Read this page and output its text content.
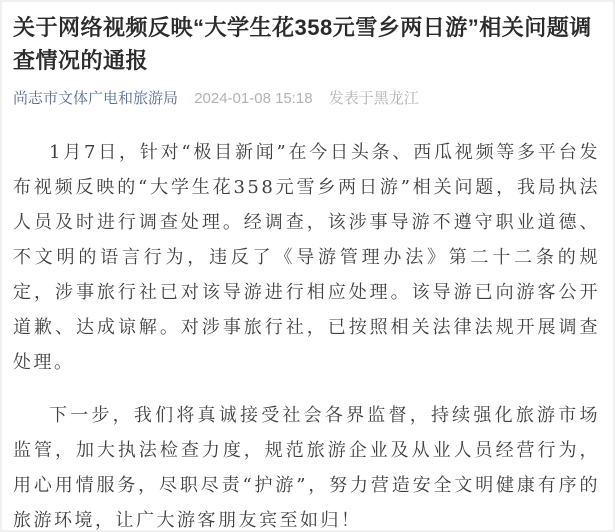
关于网络视频反映“大学生花358元雪乡两日游”相关问题调查情况的通报
尚志市文体广电和旅游局 2024-01-08 15:18 发表于黑龙江

1月7日，针对“极目新闻”在今日头条、西瓜视频等多平台发布视频反映的“大学生花358元雪乡两日游”相关问题，我局执法人员及时进行调查处理。经调查，该涉事导游不遵守职业道德、不文明的语言行为，违反了《导游管理办法》第二十二条的规定，涉事旅行社已对该导游进行相应处理。该导游已向游客公开道歉、达成谅解。对涉事旅行社，已按照相关法律法规开展调查处理。

下一步，我们将真诚接受社会各界监督，持续强化旅游市场监管，加大执法检查力度，规范旅游企业及从业人员经营行为，用心用情服务，尽职尽责“护游”，努力营造安全文明健康有序的旅游环境，让广大游客朋友宾至如归！
